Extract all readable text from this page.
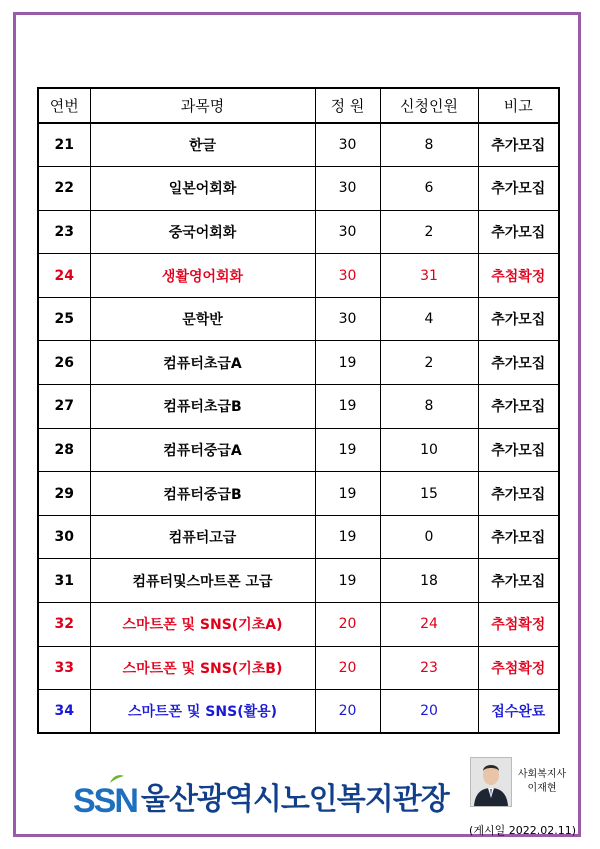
연번	과목명	정 원	신청인원	비고
21	한글	30	8	추가모집
22	일본어회화	30	6	추가모집
23	중국어회화	30	2	추가모집
24	생활영어회화	30	31	추첨확정
25	문학반	30	4	추가모집
26	컴퓨터초급A	19	2	추가모집
27	컴퓨터초급B	19	8	추가모집
28	컴퓨터중급A	19	10	추가모집
29	컴퓨터중급B	19	15	추가모집
30	컴퓨터고급	19	0	추가모집
31	컴퓨터및스마트폰 고급	19	18	추가모집
32	스마트폰 및 SNS(기초A)	20	24	추첨확정
33	스마트폰 및 SNS(기초B)	20	23	추첨확정
34	스마트폰 및 SNS(활용)	20	20	접수완료
SSN 울산광역시노인복지관장
사회복지사
이재현
(게시일 2022.02.11)
